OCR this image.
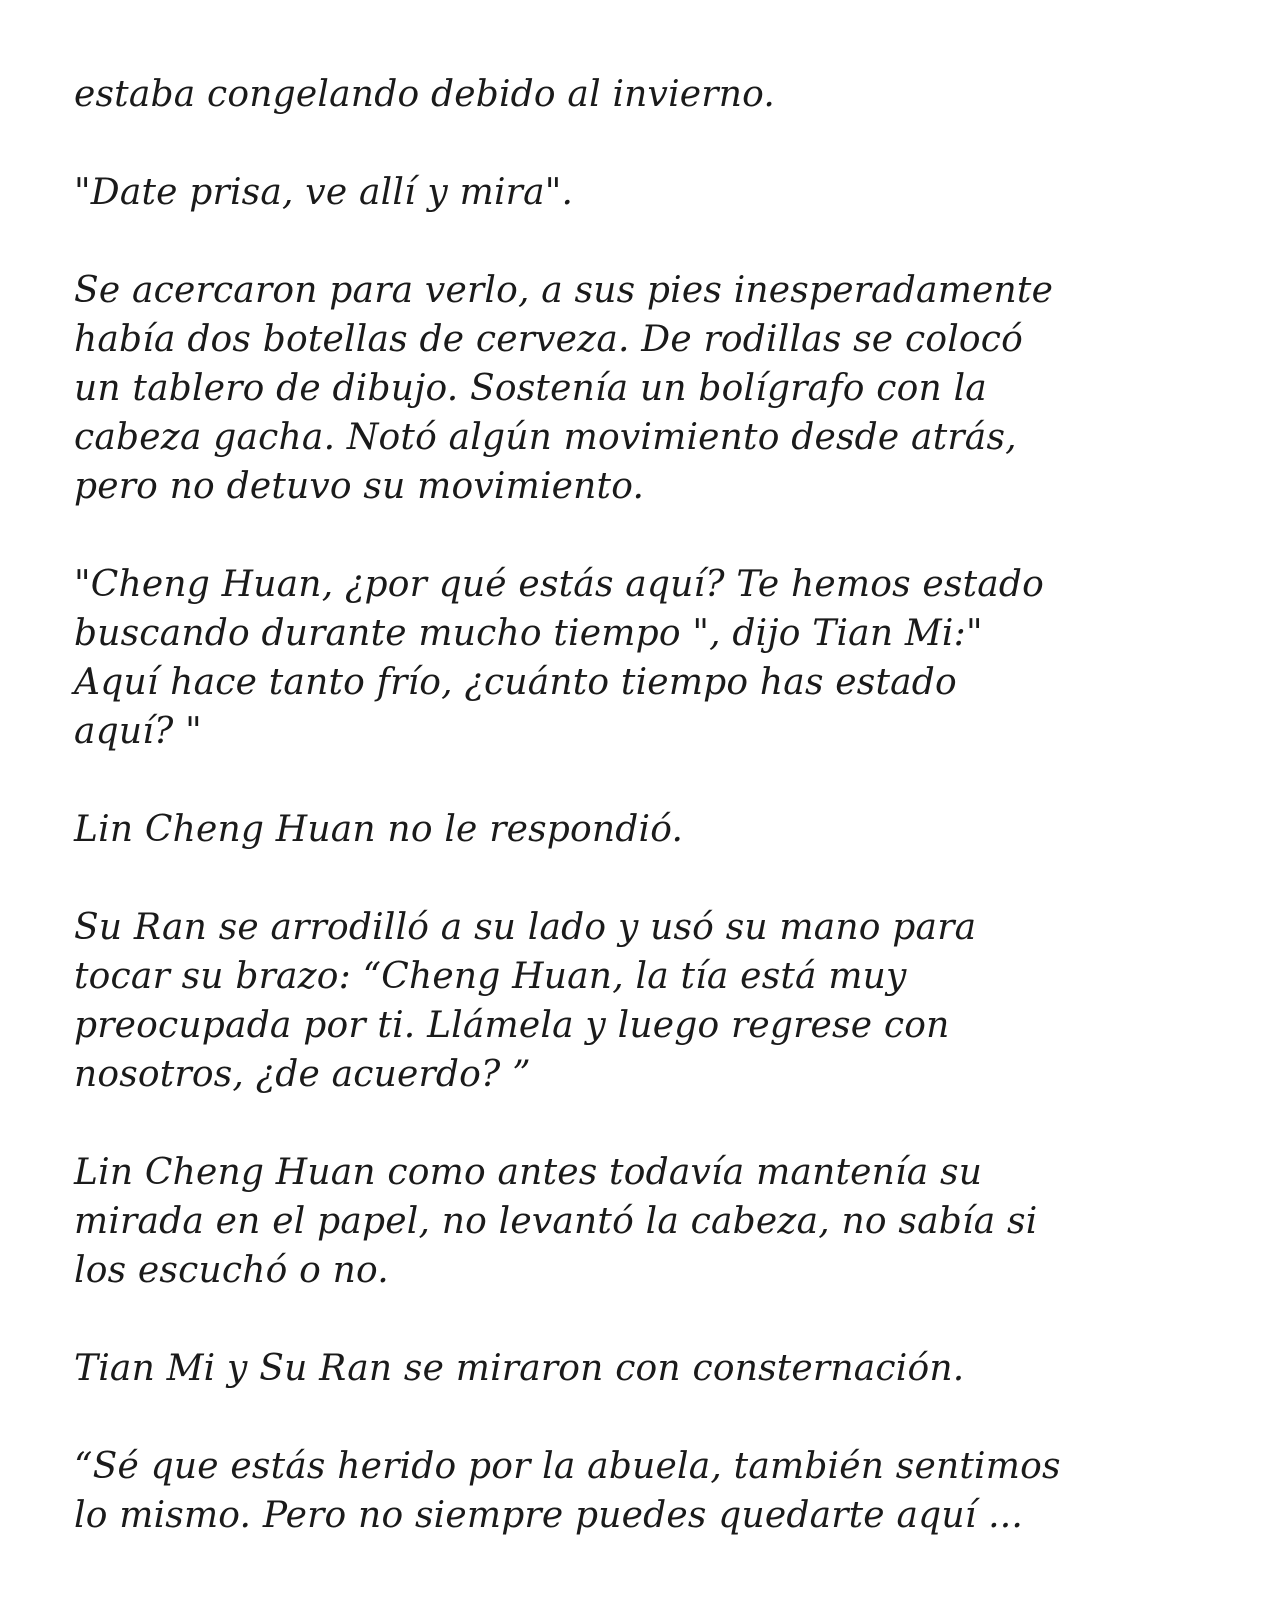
estaba congelando debido al invierno.

"Date prisa, ve allí y mira".

Se acercaron para verlo, a sus pies inesperadamente
había dos botellas de cerveza. De rodillas se colocó
un tablero de dibujo. Sostenía un bolígrafo con la
cabeza gacha. Notó algún movimiento desde atrás,
pero no detuvo su movimiento.

"Cheng Huan, ¿por qué estás aquí? Te hemos estado
buscando durante mucho tiempo ", dijo Tian Mi:"
Aquí hace tanto frío, ¿cuánto tiempo has estado
aquí? "

Lin Cheng Huan no le respondió.

Su Ran se arrodilló a su lado y usó su mano para
tocar su brazo: “Cheng Huan, la tía está muy
preocupada por ti. Llámela y luego regrese con
nosotros, ¿de acuerdo? ”

Lin Cheng Huan como antes todavía mantenía su
mirada en el papel, no levantó la cabeza, no sabía si
los escuchó o no.

Tian Mi y Su Ran se miraron con consternación.

“Sé que estás herido por la abuela, también sentimos
lo mismo. Pero no siempre puedes quedarte aquí ...
